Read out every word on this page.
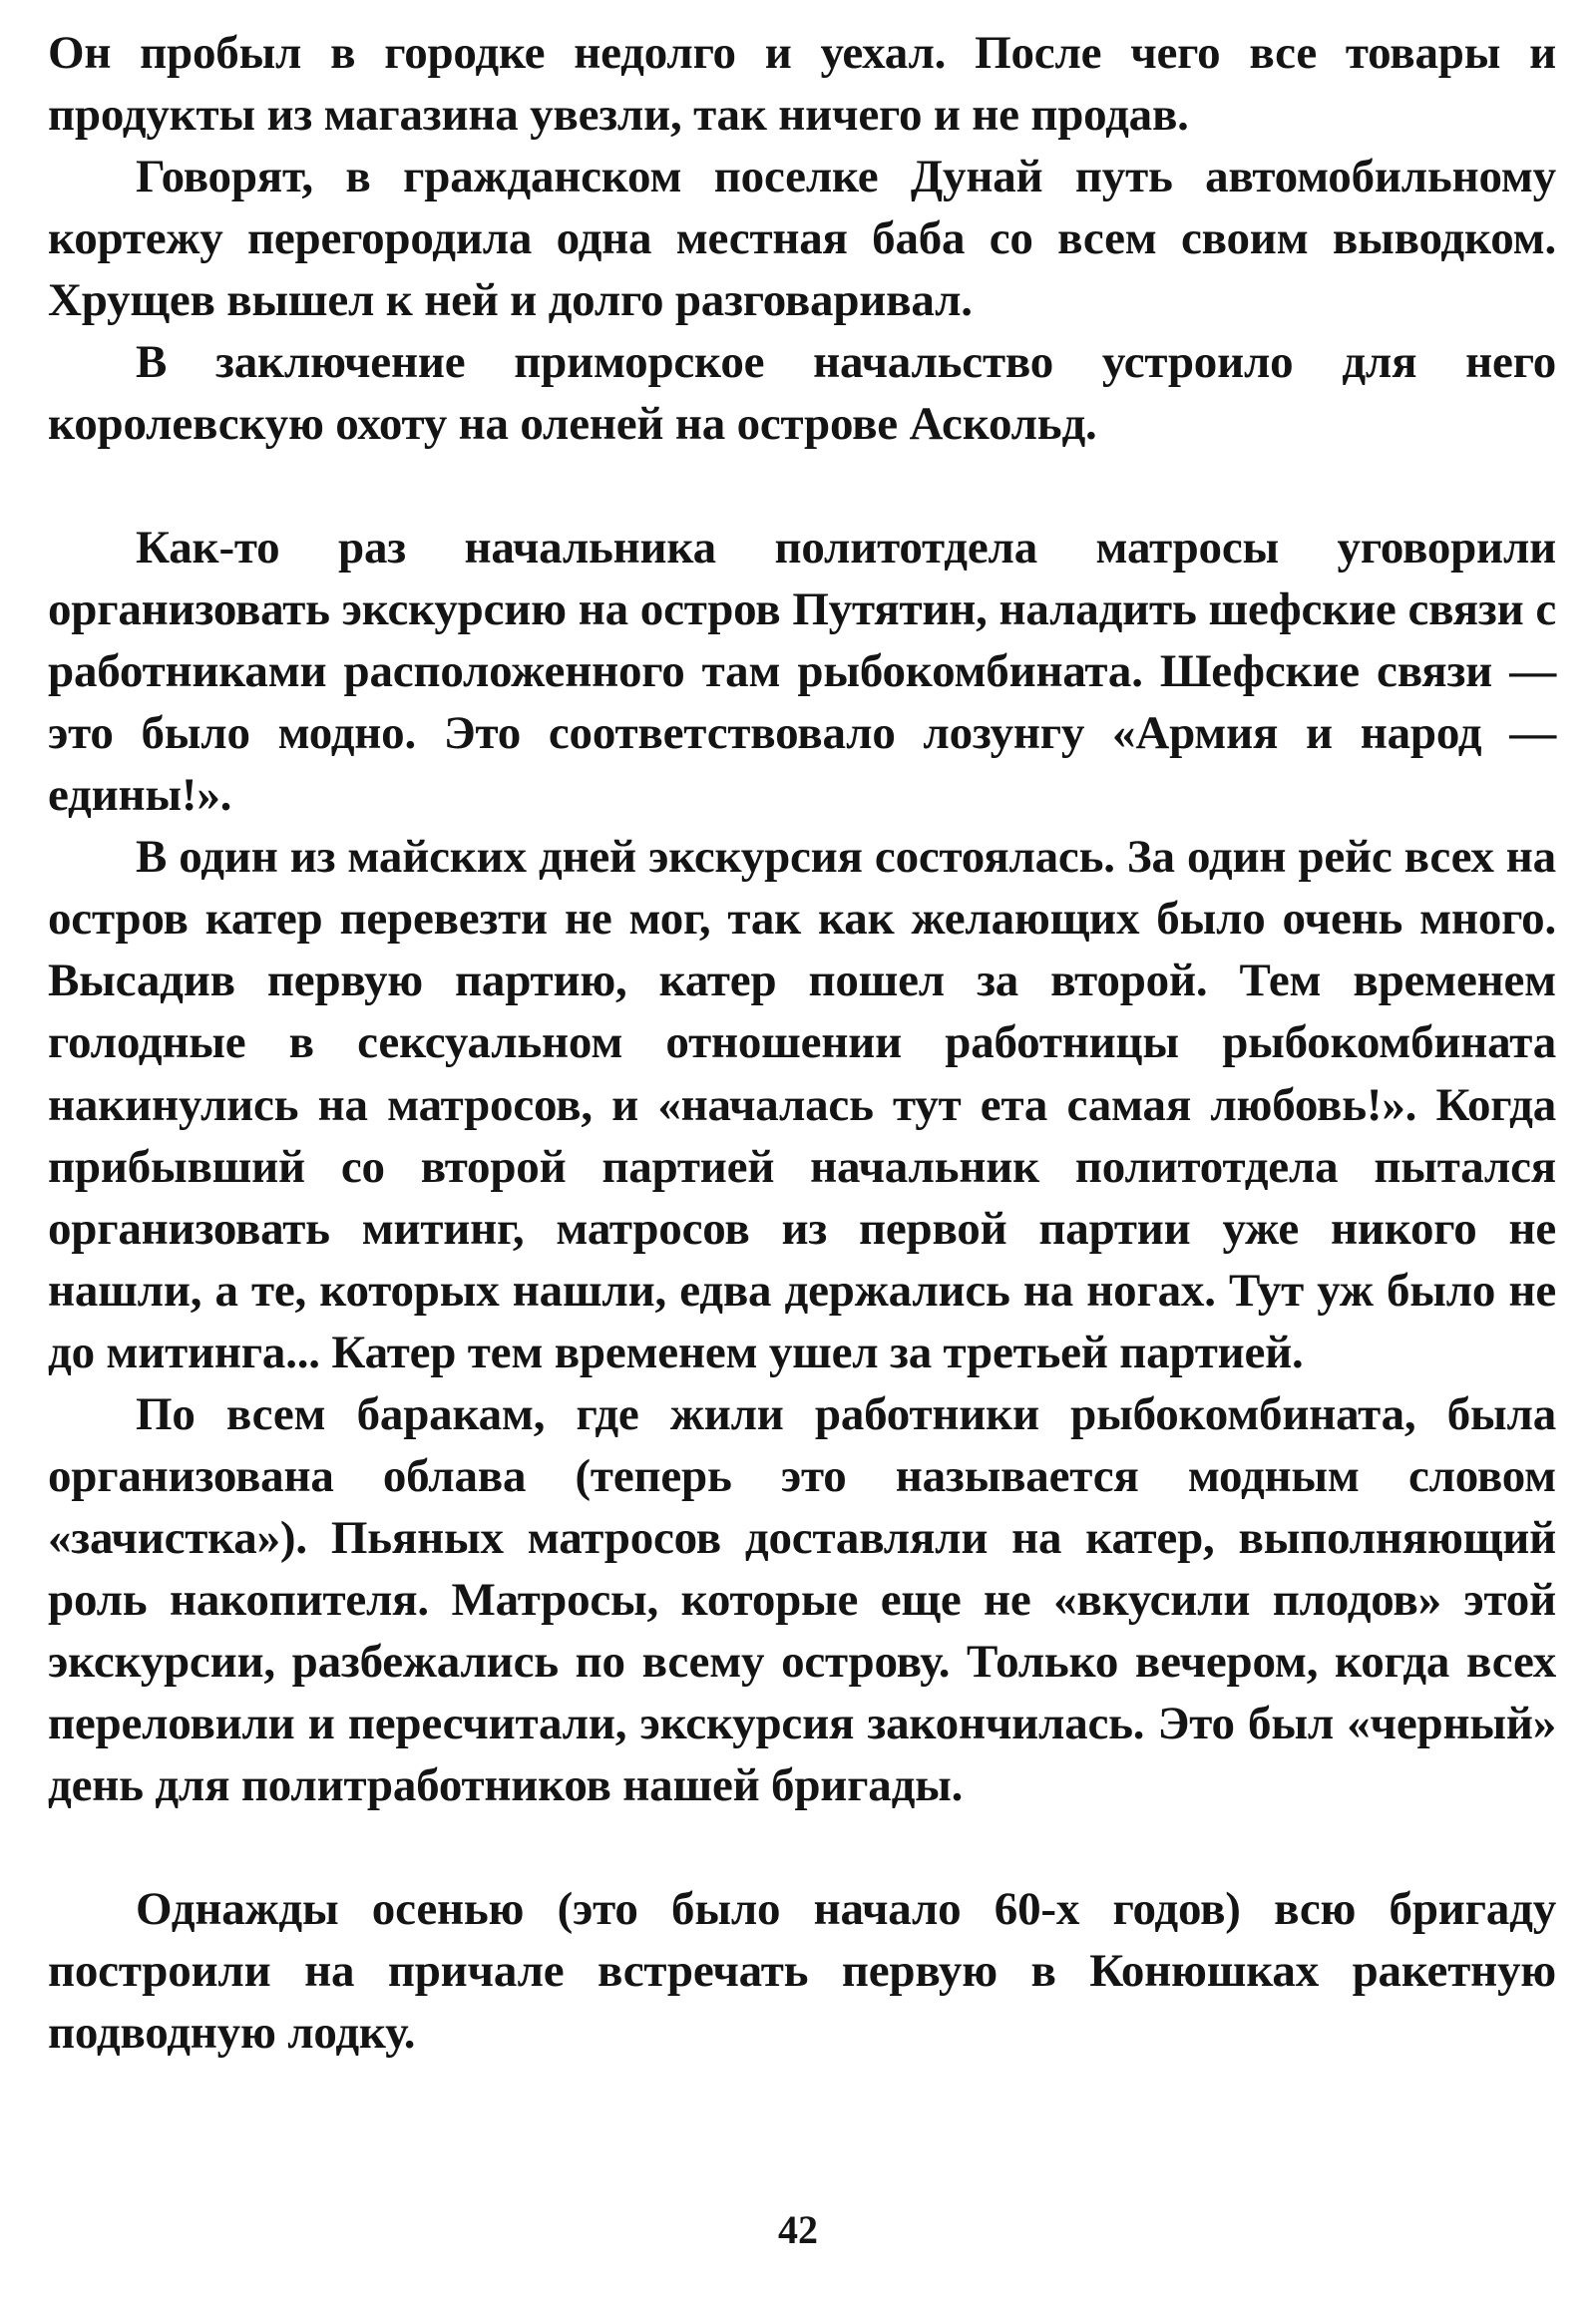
Он пробыл в городке недолго и уехал. После чего все товары и продукты из магазина увезли, так ничего и не продав.

Говорят, в гражданском поселке Дунай путь автомобильному кортежу перегородила одна местная баба со всем своим выводком. Хрущев вышел к ней и долго разговаривал.

В заключение приморское начальство устроило для него королевскую охоту на оленей на острове Аскольд.

Как-то раз начальника политотдела матросы уговорили организовать экскурсию на остров Путятин, наладить шефские связи с работниками расположенного там рыбокомбината. Шефские связи — это было модно. Это соответствовало лозунгу «Армия и народ — едины!».

В один из майских дней экскурсия состоялась. За один рейс всех на остров катер перевезти не мог, так как желающих было очень много. Высадив первую партию, катер пошел за второй. Тем временем голодные в сексуальном отношении работницы рыбокомбината накинулись на матросов, и «началась тут ета самая любовь!». Когда прибывший со второй партией начальник политотдела пытался организовать митинг, матросов из первой партии уже никого не нашли, а те, которых нашли, едва держались на ногах. Тут уж было не до митинга... Катер тем временем ушел за третьей партией.

По всем баракам, где жили работники рыбокомбината, была организована облава (теперь это называется модным словом «зачистка»). Пьяных матросов доставляли на катер, выполняющий роль накопителя. Матросы, которые еще не «вкусили плодов» этой экскурсии, разбежались по всему острову. Только вечером, когда всех переловили и пересчитали, экскурсия закончилась. Это был «черный» день для политработников нашей бригады.

Однажды осенью (это было начало 60-х годов) всю бригаду построили на причале встречать первую в Конюшках ракетную подводную лодку.

42
